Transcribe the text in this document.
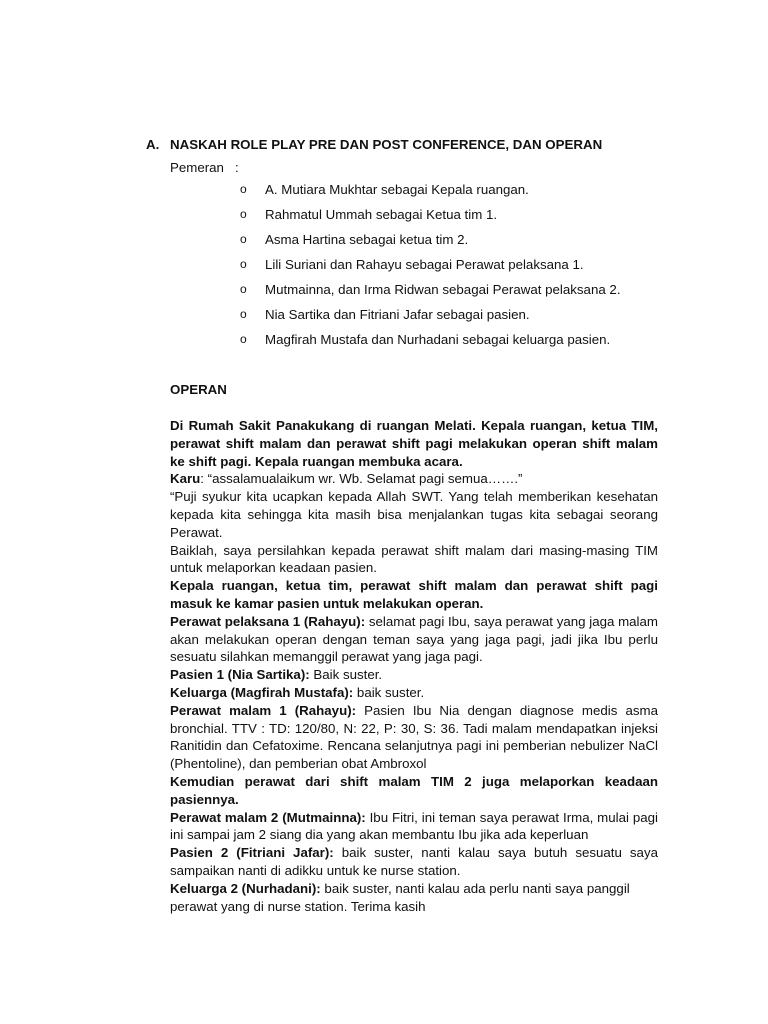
A. NASKAH ROLE PLAY PRE DAN POST CONFERENCE, DAN OPERAN
Pemeran   :
o	A. Mutiara Mukhtar sebagai Kepala ruangan.
o	Rahmatul Ummah sebagai Ketua tim 1.
o	Asma Hartina sebagai ketua tim 2.
o	Lili Suriani dan Rahayu sebagai Perawat pelaksana 1.
o	Mutmainna, dan Irma Ridwan sebagai Perawat pelaksana 2.
o	Nia Sartika dan Fitriani Jafar sebagai pasien.
o	Magfirah Mustafa dan Nurhadani sebagai keluarga pasien.
OPERAN

Di Rumah Sakit Panakukang di ruangan Melati. Kepala ruangan, ketua TIM, perawat shift malam dan perawat shift pagi melakukan operan shift malam ke shift pagi. Kepala ruangan membuka acara.

Karu: “assalamualaikum wr. Wb. Selamat pagi semua…….”

“Puji syukur kita ucapkan kepada Allah SWT. Yang telah memberikan kesehatan kepada kita sehingga kita masih bisa menjalankan tugas kita sebagai seorang Perawat.

Baiklah, saya persilahkan kepada perawat shift malam dari masing-masing TIM untuk melaporkan keadaan pasien.

Kepala ruangan, ketua tim, perawat shift malam dan perawat shift pagi masuk ke kamar pasien untuk melakukan operan.

Perawat pelaksana 1 (Rahayu): selamat pagi Ibu, saya perawat yang jaga malam akan melakukan operan dengan teman saya yang jaga pagi, jadi jika Ibu perlu sesuatu silahkan memanggil perawat yang jaga pagi.

Pasien 1 (Nia Sartika): Baik suster.

Keluarga (Magfirah Mustafa): baik suster.

Perawat malam 1 (Rahayu): Pasien Ibu Nia dengan diagnose medis asma bronchial. TTV : TD: 120/80, N: 22, P: 30, S: 36. Tadi malam mendapatkan injeksi Ranitidin dan Cefatoxime. Rencana selanjutnya pagi ini pemberian nebulizer NaCl (Phentoline), dan pemberian obat Ambroxol

Kemudian perawat dari shift malam TIM 2 juga melaporkan keadaan pasiennya.

Perawat malam 2 (Mutmainna): Ibu Fitri, ini teman saya perawat Irma, mulai pagi ini sampai jam 2 siang dia yang akan membantu Ibu jika ada keperluan

Pasien 2 (Fitriani Jafar): baik suster, nanti kalau saya butuh sesuatu saya sampaikan nanti di adikku untuk ke nurse station.

Keluarga 2 (Nurhadani): baik suster, nanti kalau ada perlu nanti saya panggil perawat yang di nurse station. Terima kasih
